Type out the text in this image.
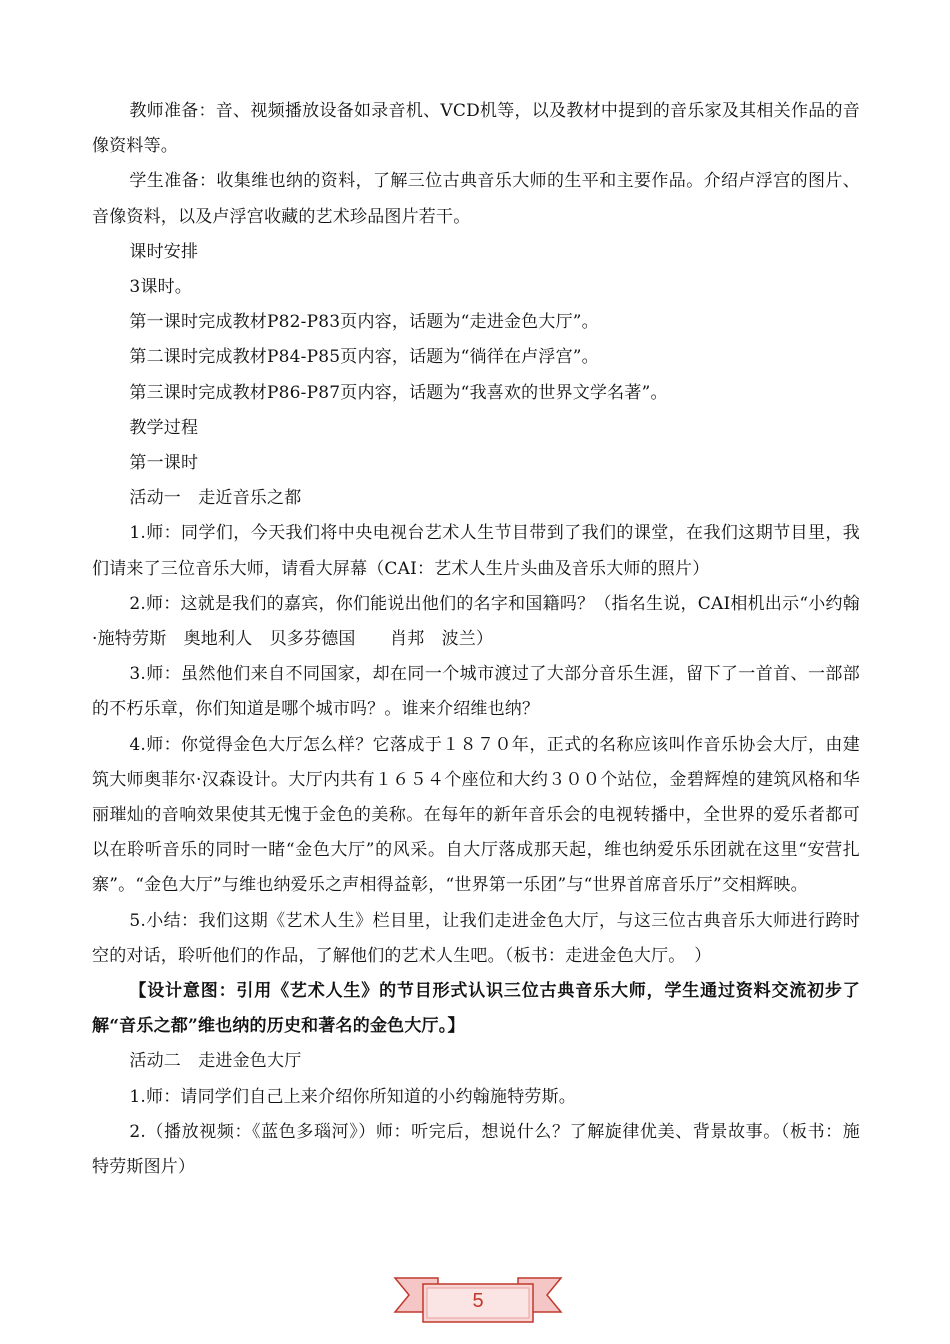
教师准备：音、视频播放设备如录音机、VCD机等，以及教材中提到的音乐家及其相关作品的音像资料等。

学生准备：收集维也纳的资料，了解三位古典音乐大师的生平和主要作品。介绍卢浮宫的图片、音像资料，以及卢浮宫收藏的艺术珍品图片若干。

课时安排

3课时。

第一课时完成教材P82-P83页内容，话题为“走进金色大厅”。

第二课时完成教材P84-P85页内容，话题为“徜徉在卢浮宫”。

第三课时完成教材P86-P87页内容，话题为“我喜欢的世界文学名著”。

教学过程

第一课时

活动一　走近音乐之都

1.师：同学们，今天我们将中央电视台艺术人生节目带到了我们的课堂，在我们这期节目里，我们请来了三位音乐大师，请看大屏幕（CAI：艺术人生片头曲及音乐大师的照片）

2.师：这就是我们的嘉宾，你们能说出他们的名字和国籍吗？（指名生说，CAI相机出示“小约翰·施特劳斯　奥地利人　贝多芬德国　　肖邦　波兰）

3.师：虽然他们来自不同国家，却在同一个城市渡过了大部分音乐生涯，留下了一首首、一部部的不朽乐章，你们知道是哪个城市吗？。谁来介绍维也纳？

4.师：你觉得金色大厅怎么样？它落成于１８７０年，正式的名称应该叫作音乐协会大厅，由建筑大师奥菲尔·汉森设计。大厅内共有１６５４个座位和大约３００个站位，金碧辉煌的建筑风格和华丽璀灿的音响效果使其无愧于金色的美称。在每年的新年音乐会的电视转播中，全世界的爱乐者都可以在聆听音乐的同时一睹“金色大厅”的风采。自大厅落成那天起，维也纳爱乐乐团就在这里“安营扎寨”。“金色大厅”与维也纳爱乐之声相得益彰，“世界第一乐团”与“世界首席音乐厅”交相辉映。

5.小结：我们这期《艺术人生》栏目里，让我们走进金色大厅，与这三位古典音乐大师进行跨时空的对话，聆听他们的作品，了解他们的艺术人生吧。（板书：走进金色大厅。　）

【设计意图：引用《艺术人生》的节目形式认识三位古典音乐大师，学生通过资料交流初步了解“音乐之都”维也纳的历史和著名的金色大厅。】

活动二　走进金色大厅

1.师：请同学们自己上来介绍你所知道的小约翰施特劳斯。

2.（播放视频：《蓝色多瑙河》）师：听完后，想说什么？了解旋律优美、背景故事。（板书：施特劳斯图片）

5
